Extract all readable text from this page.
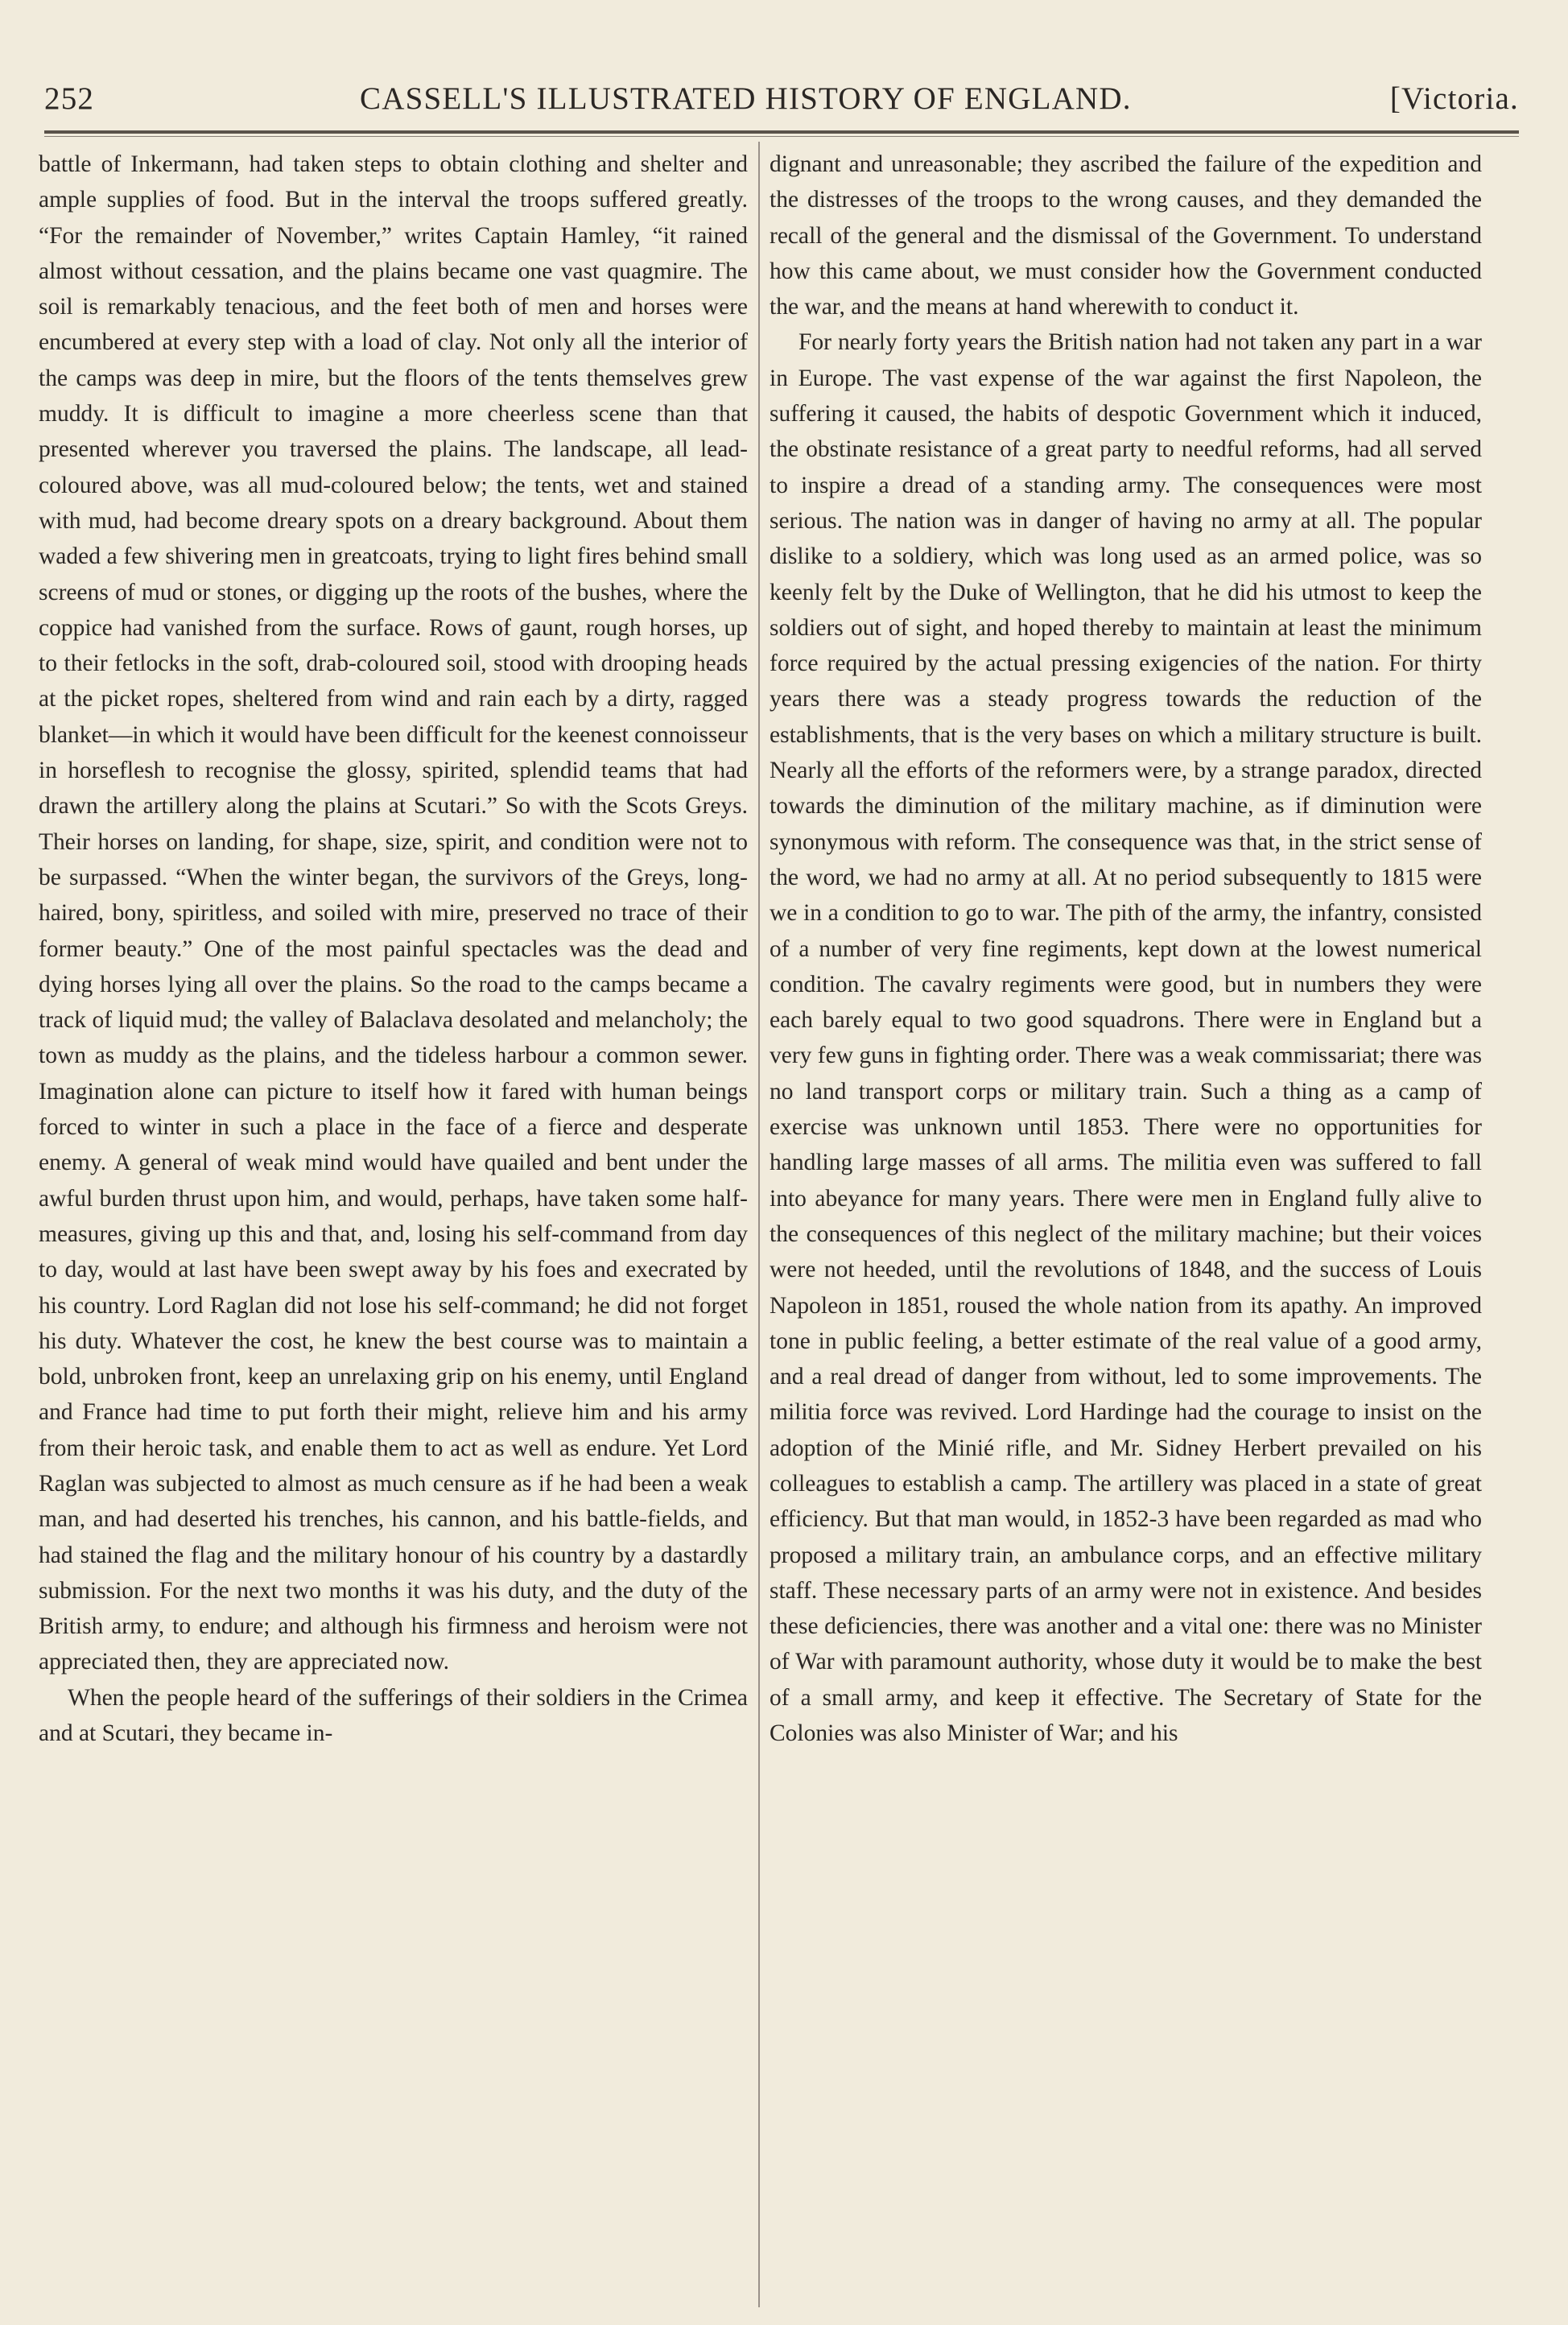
252	CASSELL'S ILLUSTRATED HISTORY OF ENGLAND.	[Victoria.

battle of Inkermann, had taken steps to obtain clothing and shelter and ample supplies of food. But in the interval the troops suffered greatly. “For the remainder of November,” writes Captain Hamley, “it rained almost without cessation, and the plains became one vast quagmire. The soil is remarkably tenacious, and the feet both of men and horses were encumbered at every step with a load of clay. Not only all the interior of the camps was deep in mire, but the floors of the tents themselves grew muddy. It is difficult to imagine a more cheerless scene than that presented wherever you traversed the plains. The landscape, all lead-coloured above, was all mud-coloured below; the tents, wet and stained with mud, had become dreary spots on a dreary background. About them waded a few shivering men in greatcoats, trying to light fires behind small screens of mud or stones, or digging up the roots of the bushes, where the coppice had vanished from the surface. Rows of gaunt, rough horses, up to their fetlocks in the soft, drab-coloured soil, stood with drooping heads at the picket ropes, sheltered from wind and rain each by a dirty, ragged blanket—in which it would have been difficult for the keenest connoisseur in horseflesh to recognise the glossy, spirited, splendid teams that had drawn the artillery along the plains at Scutari.” So with the Scots Greys. Their horses on landing, for shape, size, spirit, and condition were not to be surpassed. “When the winter began, the survivors of the Greys, long-haired, bony, spiritless, and soiled with mire, preserved no trace of their former beauty.” One of the most painful spectacles was the dead and dying horses lying all over the plains. So the road to the camps became a track of liquid mud; the valley of Balaclava desolated and melancholy; the town as muddy as the plains, and the tideless harbour a common sewer. Imagination alone can picture to itself how it fared with human beings forced to winter in such a place in the face of a fierce and desperate enemy. A general of weak mind would have quailed and bent under the awful burden thrust upon him, and would, perhaps, have taken some half-measures, giving up this and that, and, losing his self-command from day to day, would at last have been swept away by his foes and execrated by his country. Lord Raglan did not lose his self-command; he did not forget his duty. Whatever the cost, he knew the best course was to maintain a bold, unbroken front, keep an unrelaxing grip on his enemy, until England and France had time to put forth their might, relieve him and his army from their heroic task, and enable them to act as well as endure. Yet Lord Raglan was subjected to almost as much censure as if he had been a weak man, and had deserted his trenches, his cannon, and his battle-fields, and had stained the flag and the military honour of his country by a dastardly submission. For the next two months it was his duty, and the duty of the British army, to endure; and although his firmness and heroism were not appreciated then, they are appreciated now.

When the people heard of the sufferings of their soldiers in the Crimea and at Scutari, they became in-

dignant and unreasonable; they ascribed the failure of the expedition and the distresses of the troops to the wrong causes, and they demanded the recall of the general and the dismissal of the Government. To understand how this came about, we must consider how the Government conducted the war, and the means at hand wherewith to conduct it.

For nearly forty years the British nation had not taken any part in a war in Europe. The vast expense of the war against the first Napoleon, the suffering it caused, the habits of despotic Government which it induced, the obstinate resistance of a great party to needful reforms, had all served to inspire a dread of a standing army. The consequences were most serious. The nation was in danger of having no army at all. The popular dislike to a soldiery, which was long used as an armed police, was so keenly felt by the Duke of Wellington, that he did his utmost to keep the soldiers out of sight, and hoped thereby to maintain at least the minimum force required by the actual pressing exigencies of the nation. For thirty years there was a steady progress towards the reduction of the establishments, that is the very bases on which a military structure is built. Nearly all the efforts of the reformers were, by a strange paradox, directed towards the diminution of the military machine, as if diminution were synonymous with reform. The consequence was that, in the strict sense of the word, we had no army at all. At no period subsequently to 1815 were we in a condition to go to war. The pith of the army, the infantry, consisted of a number of very fine regiments, kept down at the lowest numerical condition. The cavalry regiments were good, but in numbers they were each barely equal to two good squadrons. There were in England but a very few guns in fighting order. There was a weak commissariat; there was no land transport corps or military train. Such a thing as a camp of exercise was unknown until 1853. There were no opportunities for handling large masses of all arms. The militia even was suffered to fall into abeyance for many years. There were men in England fully alive to the consequences of this neglect of the military machine; but their voices were not heeded, until the revolutions of 1848, and the success of Louis Napoleon in 1851, roused the whole nation from its apathy. An improved tone in public feeling, a better estimate of the real value of a good army, and a real dread of danger from without, led to some improvements. The militia force was revived. Lord Hardinge had the courage to insist on the adoption of the Minié rifle, and Mr. Sidney Herbert prevailed on his colleagues to establish a camp. The artillery was placed in a state of great efficiency. But that man would, in 1852-3 have been regarded as mad who proposed a military train, an ambulance corps, and an effective military staff. These necessary parts of an army were not in existence. And besides these deficiencies, there was another and a vital one: there was no Minister of War with paramount authority, whose duty it would be to make the best of a small army, and keep it effective. The Secretary of State for the Colonies was also Minister of War; and his
